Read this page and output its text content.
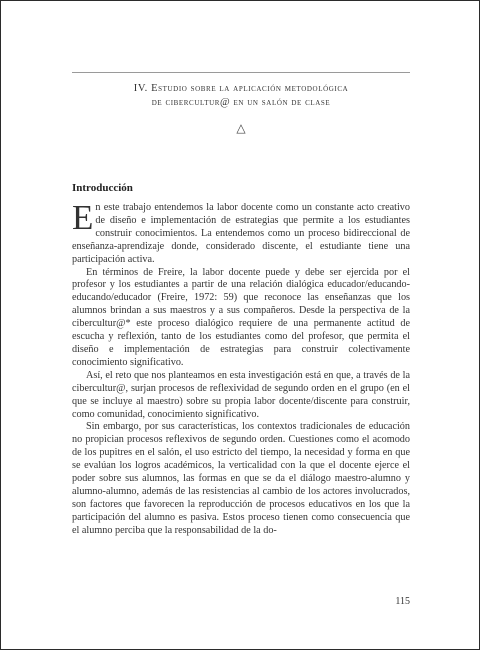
IV. Estudio sobre la aplicación metodológica
de cibercultur@ en un salón de clase
△
Introducción

En este trabajo entendemos la labor docente como un constante acto creativo de diseño e implementación de estrategias que permite a los estudiantes construir conocimientos. La entendemos como un proceso bidireccional de enseñanza-aprendizaje donde, considerado discente, el estudiante tiene una participación activa.

En términos de Freire, la labor docente puede y debe ser ejercida por el profesor y los estudiantes a partir de una relación dialógica educador/educando-educando/educador (Freire, 1972: 59) que reconoce las enseñanzas que los alumnos brindan a sus maestros y a sus compañeros. Desde la perspectiva de la cibercultur@* este proceso dialógico requiere de una permanente actitud de escucha y reflexión, tanto de los estudiantes como del profesor, que permita el diseño e implementación de estrategias para construir colectivamente conocimiento significativo.

Así, el reto que nos planteamos en esta investigación está en que, a través de la cibercultur@, surjan procesos de reflexividad de segundo orden en el grupo (en el que se incluye al maestro) sobre su propia labor docente/discente para construir, como comunidad, conocimiento significativo.

Sin embargo, por sus características, los contextos tradicionales de educación no propician procesos reflexivos de segundo orden. Cuestiones como el acomodo de los pupitres en el salón, el uso estricto del tiempo, la necesidad y forma en que se evalúan los logros académicos, la verticalidad con la que el docente ejerce el poder sobre sus alumnos, las formas en que se da el diálogo maestro-alumno y alumno-alumno, además de las resistencias al cambio de los actores involucrados, son factores que favorecen la reproducción de procesos educativos en los que la participación del alumno es pasiva. Estos proceso tienen como consecuencia que el alumno perciba que la responsabilidad de la do-

115
